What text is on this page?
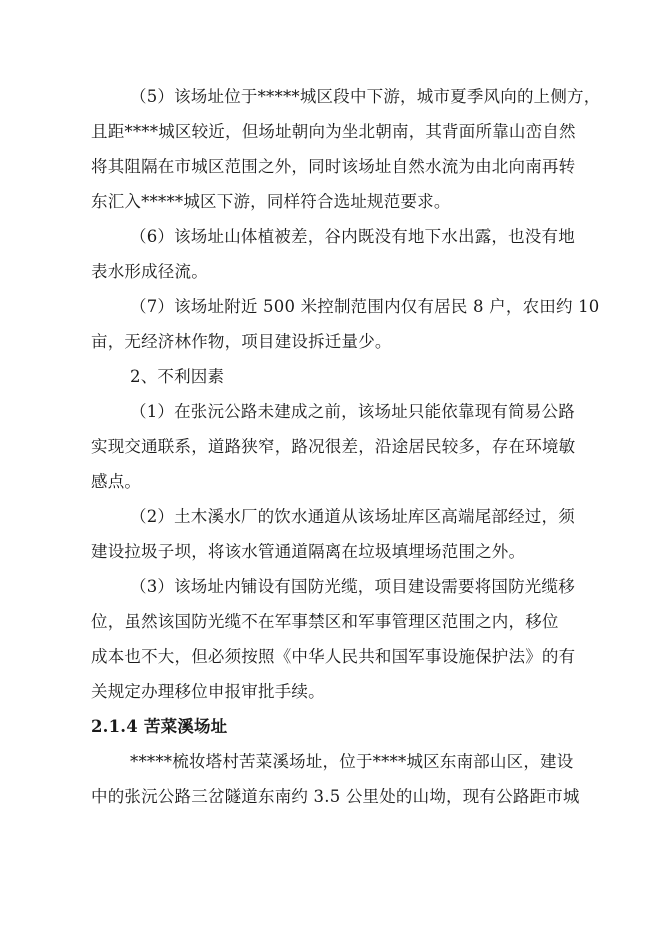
（5）该场址位于*****城区段中下游，城市夏季风向的上侧方，
且距****城区较近，但场址朝向为坐北朝南，其背面所靠山峦自然
将其阻隔在市城区范围之外，同时该场址自然水流为由北向南再转
东汇入*****城区下游，同样符合选址规范要求。
（6）该场址山体植被差，谷内既没有地下水出露，也没有地
表水形成径流。
（7）该场址附近 500 米控制范围内仅有居民 8 户，农田约 10
亩，无经济林作物，项目建设拆迁量少。
2、不利因素
（1）在张沅公路未建成之前，该场址只能依靠现有简易公路
实现交通联系，道路狭窄，路况很差，沿途居民较多，存在环境敏
感点。
（2）土木溪水厂的饮水通道从该场址库区高端尾部经过，须
建设拉圾子坝，将该水管通道隔离在垃圾填埋场范围之外。
（3）该场址内铺设有国防光缆，项目建设需要将国防光缆移
位，虽然该国防光缆不在军事禁区和军事管理区范围之内，移位
成本也不大，但必须按照《中华人民共和国军事设施保护法》的有
关规定办理移位申报审批手续。
2.1.4 苦菜溪场址
*****梳妆塔村苦菜溪场址，位于****城区东南部山区，建设
中的张沅公路三岔隧道东南约 3.5 公里处的山坳，现有公路距市城
